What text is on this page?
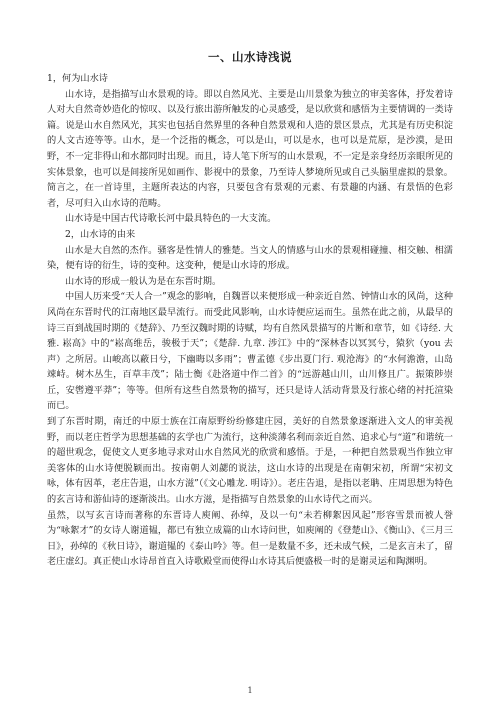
一、山水诗浅说

1，何为山水诗

山水诗，是指描写山水景观的诗。即以自然风光、主要是山川景象为独立的审美客体，抒发着诗人对大自然奇妙造化的惊叹、以及行旅出游所触发的心灵感受，是以欣赏和感悟为主要情调的一类诗篇。说是山水自然风光，其实也包括自然界里的各种自然景观和人造的景区景点，尤其是有历史积淀的人文古迹等等。山水，是一个泛指的概念，可以是山，可以是水，也可以是荒原，是沙漠，是田野，不一定非得山和水都同时出现。而且，诗人笔下所写的山水景观，不一定是亲身经历亲眼所见的实体景象，也可以是间接所见如画作、影视中的景象，乃至诗人梦境所见或自己头脑里虚拟的景象。简言之，在一首诗里，主题所表达的内容，只要包含有景观的元素、有景趣的内涵、有景悟的色彩者，尽可归入山水诗的范畴。

山水诗是中国古代诗歌长河中最具特色的一大支流。

2，山水诗的由来

山水是大自然的杰作。骚客是性情人的雅楚。当文人的情感与山水的景观相碰撞、相交触、相濡染，便有诗的衍生，诗的变种。这变种，便是山水诗的形成。

山水诗的形成一般认为是在东晋时期。

中国人历来受“天人合一”观念的影响，自魏晋以来便形成一种亲近自然、钟情山水的风尚，这种风尚在东晋时代的江南地区最早流行。而受此风影响，山水诗便应运而生。虽然在此之前，从最早的诗三百到战国时期的《楚辞》、乃至汉魏时期的诗赋，均有自然风景描写的片断和章节，如《诗经. 大雅. 崧高》中的“崧高维岳，骏极于天”；《楚辞. 九章. 涉江》中的“深林杳以冥冥兮，猿狖（you 去声）之所居。山峻高以蔽日兮，下幽晦以多雨”；曹孟德《步出夏门行. 观沧海》的“水何澹澹，山岛竦峙。树木丛生，百草丰茂”；陆士衡《赴洛道中作二首》的“远游越山川，山川修且广。振策陟崇丘，安辔遵平莽”；等等。但所有这些自然景物的描写，还只是诗人活动背景及行旅心绪的衬托渲染而已。

到了东晋时期，南迁的中原士族在江南原野纷纷修建庄园，美好的自然景象逐渐进入文人的审美视野，而以老庄哲学为思想基础的玄学也广为流行，这种淡薄名利而亲近自然、追求心与“道”和谐统一的超世观念，促使文人更多地寻求对山水自然风光的欣赏和感悟。于是，一种把自然景观当作独立审美客体的山水诗便脱颖而出。按南朝人刘勰的说法，这山水诗的出现是在南朝宋初，所谓“宋初文咏，体有因革，老庄告退，山水方滋”（《文心雕龙. 明诗》）。老庄告退，是指以老聃、庄周思想为特色的玄言诗和游仙诗的逐渐淡出。山水方滋，是指描写自然景象的山水诗代之而兴。

虽然，以写玄言诗而著称的东晋诗人庾阐、孙绰，及以一句“未若柳絮因风起”形容雪景而被人誉为“咏絮才”的女诗人谢道韫，都已有独立成篇的山水诗问世，如庾阐的《登楚山》、《衡山》、《三月三日》，孙绰的《秋日诗》，谢道韫的《泰山吟》等。但一是数量不多，还未成气候，二是玄言未了，留老庄虚幻。真正使山水诗昂首直入诗歌殿堂而使得山水诗其后便盛极一时的是谢灵运和陶渊明。

1
